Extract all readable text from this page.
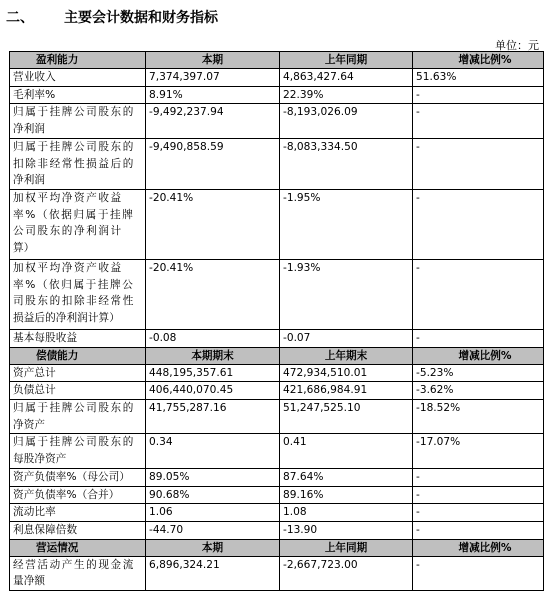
二、 主要会计数据和财务指标
单位：元
盈利能力	本期	上年同期	增减比例%

营业收入	7,374,397.07	4,863,427.64	51.63%

毛利率%	8.91%	22.39%	-

归属于挂牌公司股东的
净利润	-9,492,237.94	-8,193,026.09	-

归属于挂牌公司股东的
扣除非经常性损益后的
净利润	-9,490,858.59	-8,083,334.50	-

加权平均净资产收益
率%（依据归属于挂牌
公司股东的净利润计
算）	-20.41%	-1.95%	-

加权平均净资产收益
率%（依归属于挂牌公
司股东的扣除非经常性
损益后的净利润计算）	-20.41%	-1.93%	-

基本每股收益	-0.08	-0.07	-
偿债能力	本期期末	上年期末	增减比例%

资产总计	448,195,357.61	472,934,510.01	-5.23%

负债总计	406,440,070.45	421,686,984.91	-3.62%

归属于挂牌公司股东的
净资产	41,755,287.16	51,247,525.10	-18.52%

归属于挂牌公司股东的
每股净资产	0.34	0.41	-17.07%

资产负债率%（母公司）	89.05%	87.64%	-

资产负债率%（合并）	90.68%	89.16%	-

流动比率	1.06	1.08	-

利息保障倍数	-44.70	-13.90	-
营运情况	本期	上年同期	增减比例%

经营活动产生的现金流
量净额	6,896,324.21	-2,667,723.00	-
